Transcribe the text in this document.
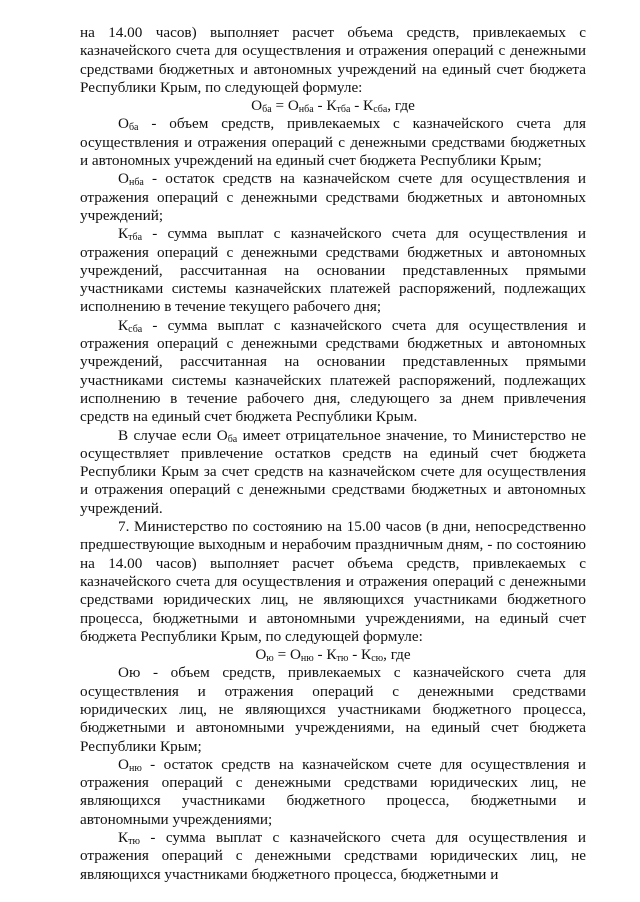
на 14.00 часов) выполняет расчет объема средств, привлекаемых с казначейского счета для осуществления и отражения операций с денежными средствами бюджетных и автономных учреждений на единый счет бюджета Республики Крым, по следующей формуле:

$О_{ба} = О_{нба} - К_{тба} - К_{сба}$, где

$О_{ба}$ - объем средств, привлекаемых с казначейского счета для осуществления и отражения операций с денежными средствами бюджетных и автономных учреждений на единый счет бюджета Республики Крым;

$О_{нба}$ - остаток средств на казначейском счете для осуществления и отражения операций с денежными средствами бюджетных и автономных учреждений;

$К_{тба}$ - сумма выплат с казначейского счета для осуществления и отражения операций с денежными средствами бюджетных и автономных учреждений, рассчитанная на основании представленных прямыми участниками системы казначейских платежей распоряжений, подлежащих исполнению в течение текущего рабочего дня;

$К_{сба}$ - сумма выплат с казначейского счета для осуществления и отражения операций с денежными средствами бюджетных и автономных учреждений, рассчитанная на основании представленных прямыми участниками системы казначейских платежей распоряжений, подлежащих исполнению в течение рабочего дня, следующего за днем привлечения средств на единый счет бюджета Республики Крым.

В случае если $О_{ба}$ имеет отрицательное значение, то Министерство не осуществляет привлечение остатков средств на единый счет бюджета Республики Крым за счет средств на казначейском счете для осуществления и отражения операций с денежными средствами бюджетных и автономных учреждений.

7. Министерство по состоянию на 15.00 часов (в дни, непосредственно предшествующие выходным и нерабочим праздничным дням, - по состоянию на 14.00 часов) выполняет расчет объема средств, привлекаемых с казначейского счета для осуществления и отражения операций с денежными средствами юридических лиц, не являющихся участниками бюджетного процесса, бюджетными и автономными учреждениями, на единый счет бюджета Республики Крым, по следующей формуле:

$О_ю = О_{ню} - К_{тю} - К_{сю}$, где

Ою - объем средств, привлекаемых с казначейского счета для осуществления и отражения операций с денежными средствами юридических лиц, не являющихся участниками бюджетного процесса, бюджетными и автономными учреждениями, на единый счет бюджета Республики Крым;

$О_{ню}$ - остаток средств на казначейском счете для осуществления и отражения операций с денежными средствами юридических лиц, не являющихся участниками бюджетного процесса, бюджетными и автономными учреждениями;

$К_{тю}$ - сумма выплат с казначейского счета для осуществления и отражения операций с денежными средствами юридических лиц, не являющихся участниками бюджетного процесса, бюджетными и
